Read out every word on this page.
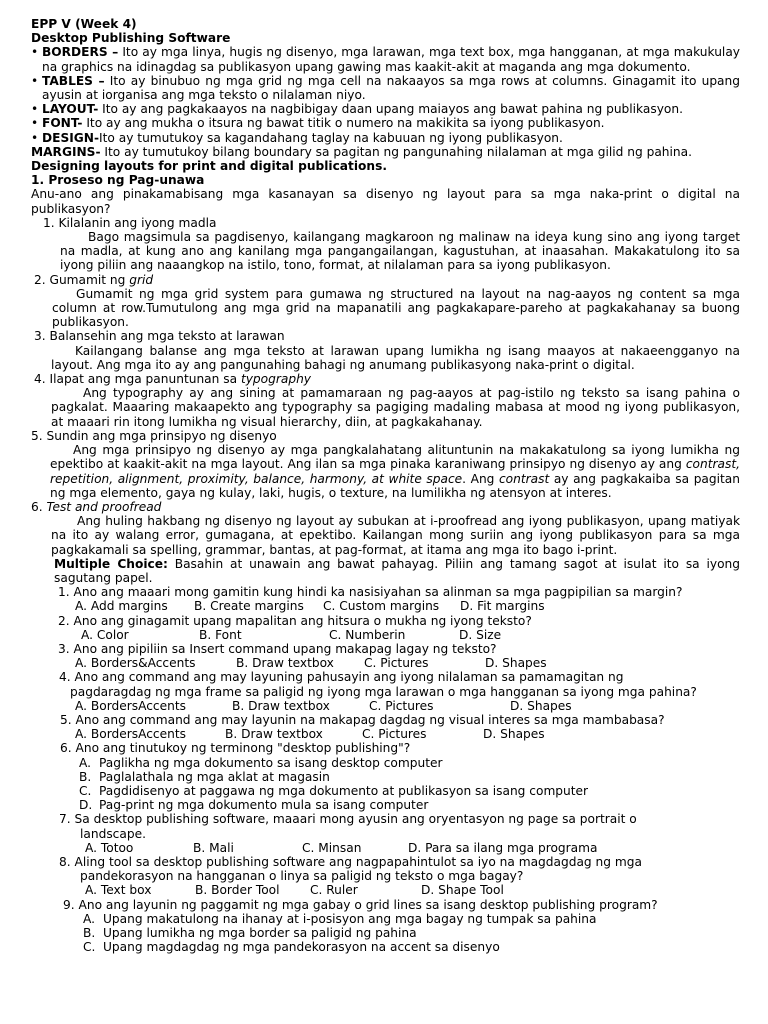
EPP V (Week 4)

Desktop Publishing Software

• BORDERS – Ito ay mga linya, hugis ng disenyo, mga larawan, mga text box, mga hangganan, at mga makukulay na graphics na idinagdag sa publikasyon upang gawing mas kaakit-akit at maganda ang mga dokumento.
• TABLES – Ito ay binubuo ng mga grid ng mga cell na nakaayos sa mga rows at columns. Ginagamit ito upang ayusin at iorganisa ang mga teksto o nilalaman niyo.
• LAYOUT- Ito ay ang pagkakaayos na nagbibigay daan upang maiayos ang bawat pahina ng publikasyon.
• FONT- Ito ay ang mukha o itsura ng bawat titik o numero na makikita sa iyong publikasyon.
• DESIGN-Ito ay tumutukoy sa kagandahang taglay na kabuuan ng iyong publikasyon.

MARGINS- Ito ay tumutukoy bilang boundary sa pagitan ng pangunahing nilalaman at mga gilid ng pahina.

Designing layouts for print and digital publications.

1. Proseso ng Pag-unawa

Anu-ano ang pinakamabisang mga kasanayan sa disenyo ng layout para sa mga naka-print o digital na publikasyon?

1. Kilalanin ang iyong madla

Bago magsimula sa pagdisenyo, kailangang magkaroon ng malinaw na ideya kung sino ang iyong target na madla, at kung ano ang kanilang mga pangangailangan, kagustuhan, at inaasahan. Makakatulong ito sa iyong piliin ang naaangkop na istilo, tono, format, at nilalaman para sa iyong publikasyon.

2. Gumamit ng grid

Gumamit ng mga grid system para gumawa ng structured na layout na nag-aayos ng content sa mga column at row.Tumutulong ang mga grid na mapanatili ang pagkakapare-pareho at pagkakahanay sa buong publikasyon.

3. Balansehin ang mga teksto at larawan

Kailangang balanse ang mga teksto at larawan upang lumikha ng isang maayos at nakaeengganyo na layout. Ang mga ito ay ang pangunahing bahagi ng anumang publikasyong naka-print o digital.

4. Ilapat ang mga panuntunan sa typography

Ang typography ay ang sining at pamamaraan ng pag-aayos at pag-istilo ng teksto sa isang pahina o pagkalat. Maaaring makaapekto ang typography sa pagiging madaling mabasa at mood ng iyong publikasyon, at maaari rin itong lumikha ng visual hierarchy, diin, at pagkakahanay.

5. Sundin ang mga prinsipyo ng disenyo

Ang mga prinsipyo ng disenyo ay mga pangkalahatang alituntunin na makakatulong sa iyong lumikha ng epektibo at kaakit-akit na mga layout. Ang ilan sa mga pinaka karaniwang prinsipyo ng disenyo ay ang contrast, repetition, alignment, proximity, balance, harmony, at white space. Ang contrast ay ang pagkakaiba sa pagitan ng mga elemento, gaya ng kulay, laki, hugis, o texture, na lumilikha ng atensyon at interes.

6. Test and proofread

Ang huling hakbang ng disenyo ng layout ay subukan at i-proofread ang iyong publikasyon, upang matiyak na ito ay walang error, gumagana, at epektibo. Kailangan mong suriin ang iyong publikasyon para sa mga pagkakamali sa spelling, grammar, bantas, at pag-format, at itama ang mga ito bago i-print.

Multiple Choice: Basahin at unawain ang bawat pahayag. Piliin ang tamang sagot at isulat ito sa iyong sagutang papel.

1. Ano ang maaari mong gamitin kung hindi ka nasisiyahan sa alinman sa mga pagpipilian sa margin?

A. Add margins	B. Create margins	C. Custom margins	D. Fit margins

2. Ano ang ginagamit upang mapalitan ang hitsura o mukha ng iyong teksto?

A. Color	B. Font	C. Numberin	D. Size

3. Ano ang pipiliin sa Insert command upang makapag lagay ng teksto?

A. Borders&Accents	B. Draw textbox	C. Pictures	D. Shapes

4. Ano ang command ang may layuning pahusayin ang iyong nilalaman sa pamamagitan ng

pagdaragdag ng mga frame sa paligid ng iyong mga larawan o mga hangganan sa iyong mga pahina?

A. BordersAccents	B. Draw textbox	C. Pictures	D. Shapes

5. Ano ang command ang may layunin na makapag dagdag ng visual interes sa mga mambabasa?

A. BordersAccents	B. Draw textbox	C. Pictures	D. Shapes

6. Ano ang tinutukoy ng terminong "desktop publishing"?

A. Paglikha ng mga dokumento sa isang desktop computer
B. Paglalathala ng mga aklat at magasin
C. Pagdidisenyo at paggawa ng mga dokumento at publikasyon sa isang computer
D. Pag-print ng mga dokumento mula sa isang computer

7. Sa desktop publishing software, maaari mong ayusin ang oryentasyon ng page sa portrait o

landscape.

A. Totoo	B. Mali	C. Minsan	D. Para sa ilang mga programa

8. Aling tool sa desktop publishing software ang nagpapahintulot sa iyo na magdagdag ng mga

pandekorasyon na hangganan o linya sa paligid ng teksto o mga bagay?

A. Text box	B. Border Tool	C. Ruler	D. Shape Tool

9. Ano ang layunin ng paggamit ng mga gabay o grid lines sa isang desktop publishing program?

A. Upang makatulong na ihanay at i-posisyon ang mga bagay ng tumpak sa pahina
B. Upang lumikha ng mga border sa paligid ng pahina
C. Upang magdagdag ng mga pandekorasyon na accent sa disenyo
